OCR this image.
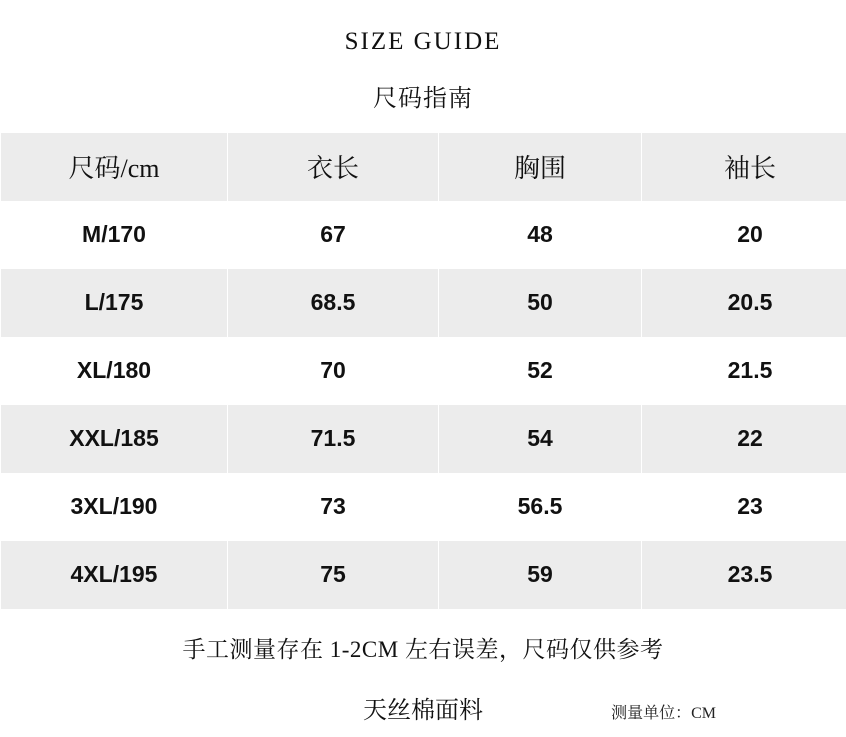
SIZE GUIDE
尺码指南
尺码/cm	衣长	胸围	袖长
M/170	67	48	20
L/175	68.5	50	20.5
XL/180	70	52	21.5
XXL/185	71.5	54	22
3XL/190	73	56.5	23
4XL/195	75	59	23.5
手工测量存在 1-2CM 左右误差，尺码仅供参考
天丝棉面料	测量单位：CM
